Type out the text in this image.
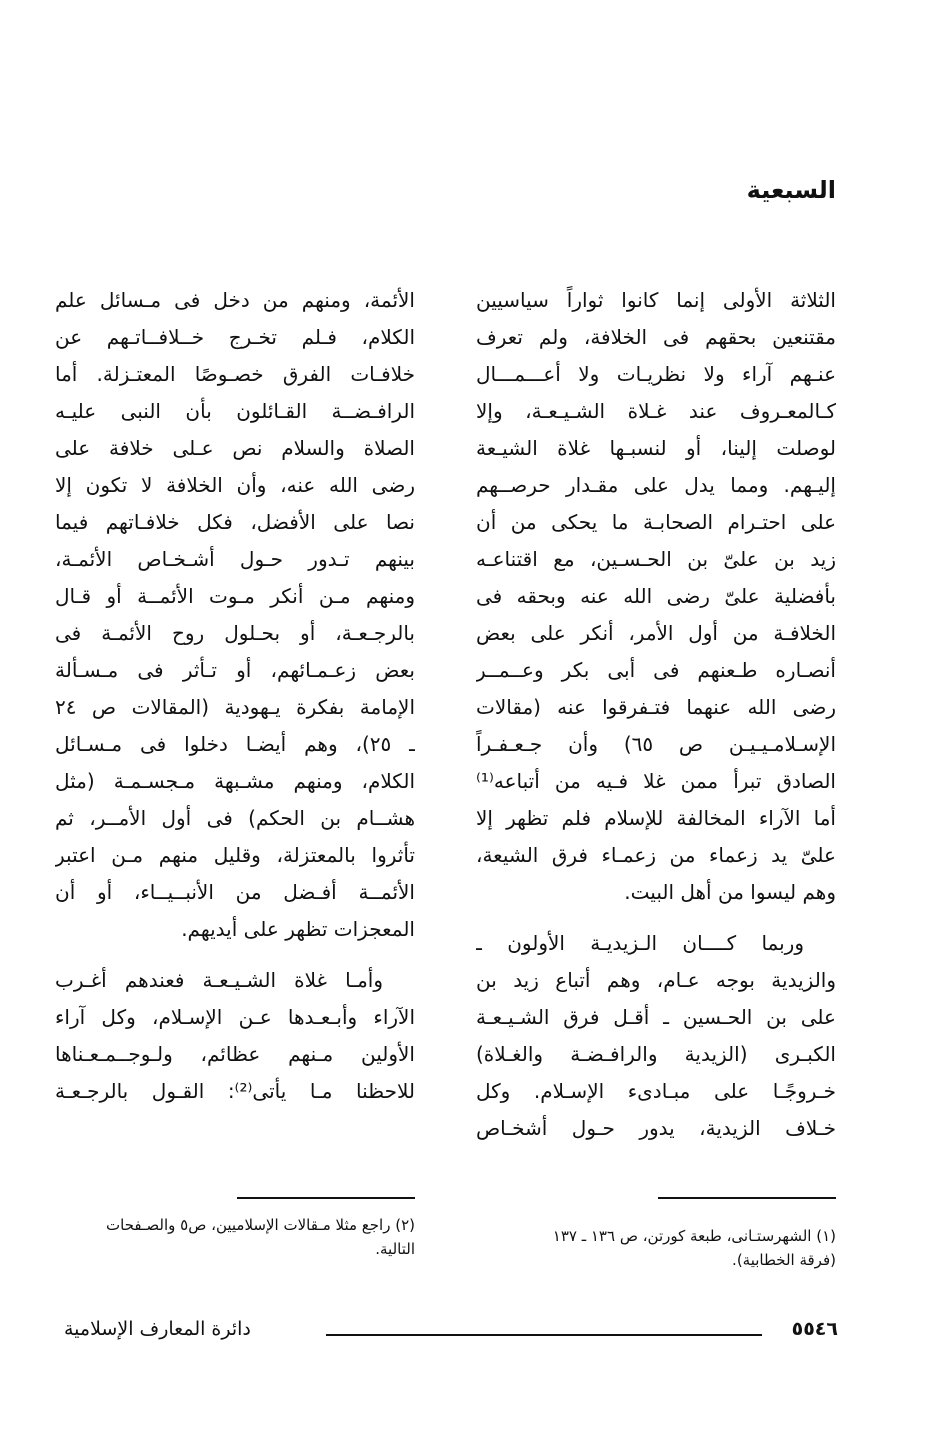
السبعية
الثلاثة الأولى إنما كانوا ثواراً سياسيين
مقتنعين بحقهم فى الخلافة، ولم تعرف
عنـهم آراء ولا نظريـات ولا أعـــمـــال
كـالمعـروف عند غـلاة الشـيـعـة، وإلا
لوصلت إلينا، أو لنسبـها غلاة الشيـعة
إليـهم. ومما يدل على مقـدار حرصــهم
على احتـرام الصحابـة ما يحكى من أن
زيد بن علىّ بن الحـسـين، مع اقتناعـه
بأفضلية علىّ رضى الله عنه وبحقه فى
الخلافـة من أول الأمر، أنكر على بعض
أنصـاره طـعنهم فى أبى بكر وعــمــر
رضى الله عنهما فتـفرقوا عنه (مقالات
الإسـلامـيـيـن ص ٦٥) وأن جـعـفـراً
الصادق تبرأ ممن غلا فـيه من أتباعه⁽¹⁾
أما الآراء المخالفة للإسلام فلم تظهر إلا
علىّ يد زعماء من زعمـاء فرق الشيعة،
وهم ليسوا من أهل البيت.
وربما كــــان الـزيديـة الأولون ـ
والزيدية بوجه عـام، وهم أتباع زيد بن
على بن الحـسين ـ أقـل فرق الشـيـعـة
الكبـرى (الزيدية والرافـضـة والغـلاة)
خـروجًـا على مبـادىء الإسـلام. وكل
خـلاف الزيدية، يدور حـول أشخـاص
الأئمة، ومنهم من دخل فى مـسائل علم
الكلام، فـلم تخـرج خــلافــاتـهم عن
خلافـات الفرق خصـوصًا المعتـزلة. أما
الرافـضــة القـائلون بأن النبى عليـه
الصلاة والسلام نص عـلى خلافة على
رضى الله عنه، وأن الخلافة لا تكون إلا
نصا على الأفضل، فكل خلافـاتهم فيما
بينهم تـدور حـول أشـخـاص الأئمـة،
ومنهم مـن أنكر مـوت الأئمــة أو قـال
بالرجـعـة، أو بحـلول روح الأئمـة فى
بعض زعـمـائهم، أو تـأثر فى مـسـألة
الإمامة بفكرة يـهودية (المقالات ص ٢٤
ـ ٢٥)، وهم أيضـا دخلوا فى مـسـائل
الكلام، ومنهم مشـبهة مـجسـمـة (مثل
هشــام بن الحكم) فى أول الأمــر، ثم
تأثروا بالمعتزلة، وقليل منهم مـن اعتبر
الأئمــة أفـضل من الأنبــيــاء، أو أن
المعجزات تظهر على أيديهم.
وأمـا غلاة الشـيـعـة فعندهم أغـرب
الآراء وأبـعـدها عـن الإسـلام، وكل آراء
الأولين مـنهم عظائم، ولـوجــمـعـناها
للاحظنا مـا يأتى⁽²⁾: القـول بالرجـعـة
(١) الشهرستـانى، طبعة كورتن، ص ١٣٦ ـ ١٣٧
(فرقة الخطابية).
(٢) راجع مثلا مـقالات الإسلاميين، ص٥ والصـفحات
التالية.
دائرة المعارف الإسلامية	٥٥٤٦
